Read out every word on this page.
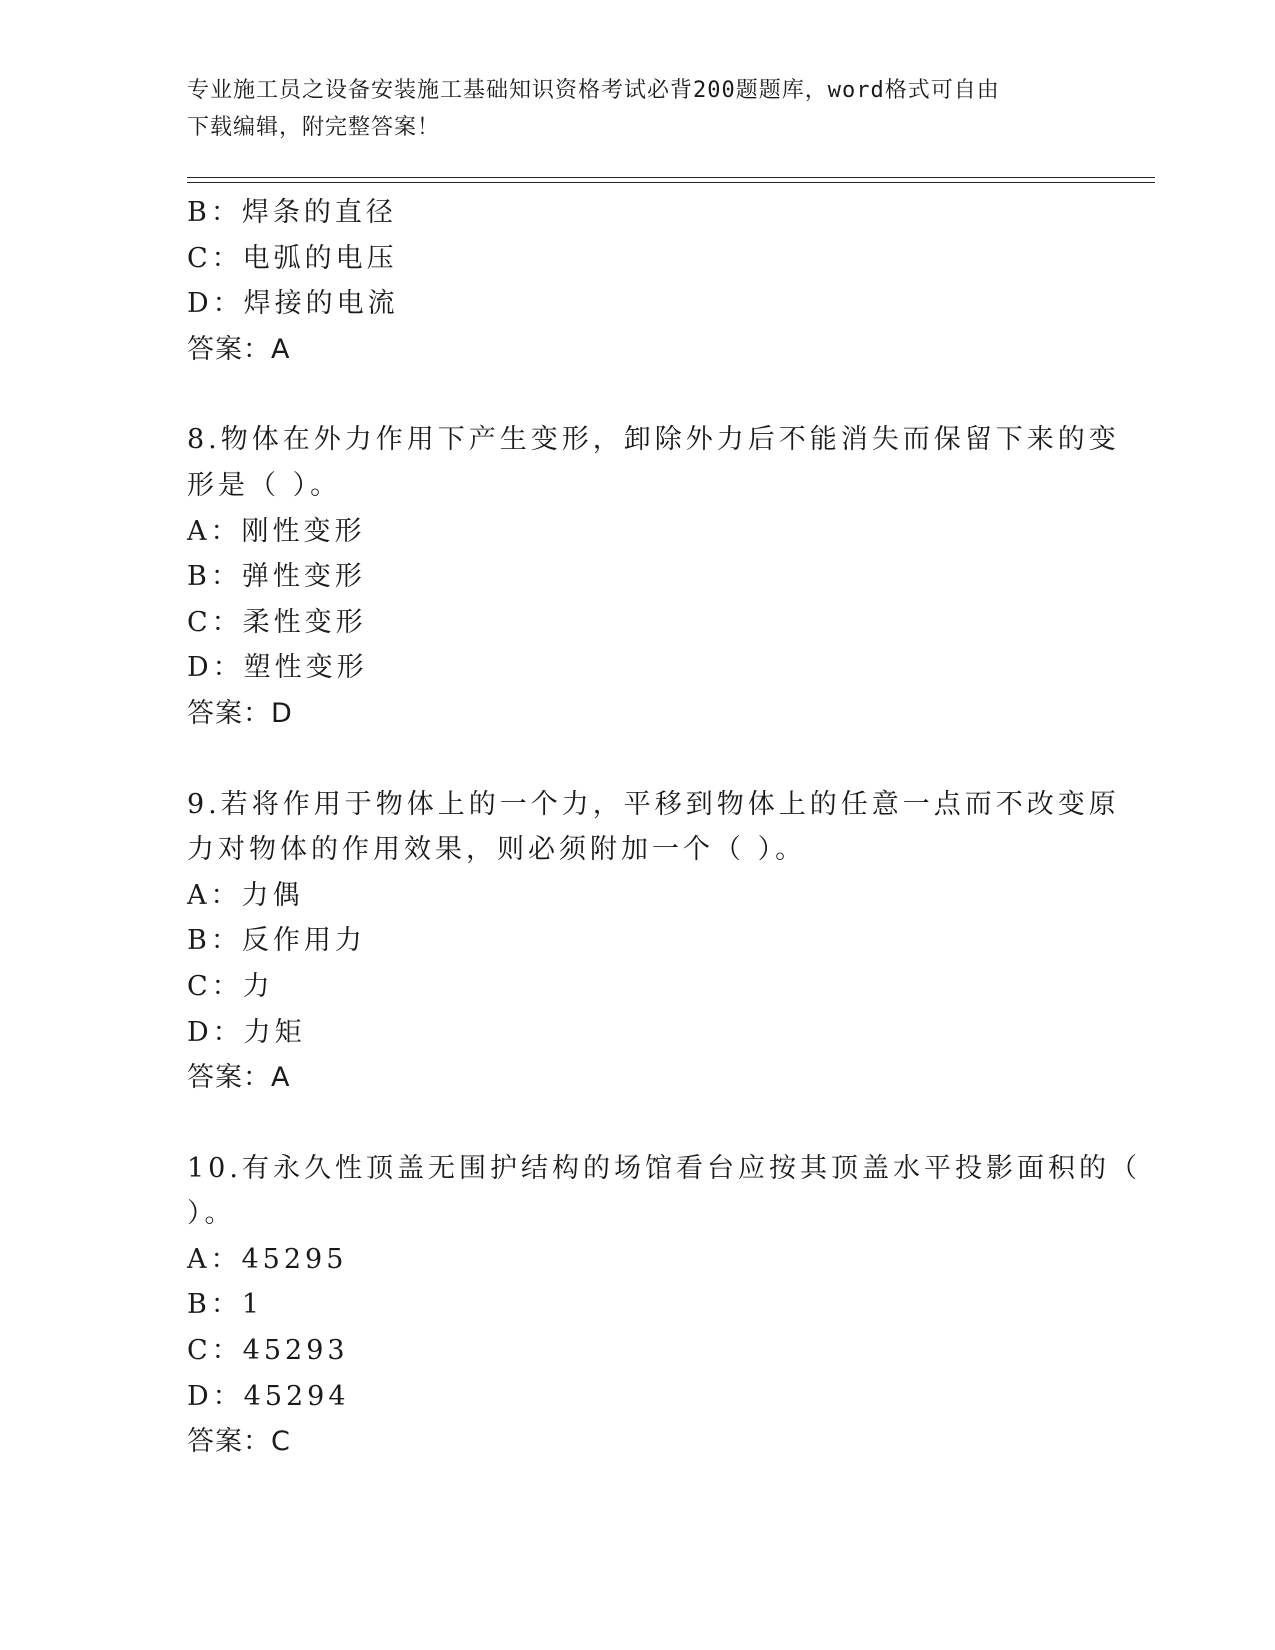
专业施工员之设备安装施工基础知识资格考试必背200题题库，word格式可自由
下载编辑，附完整答案！
B：焊条的直径
C：电弧的电压
D：焊接的电流
答案：A
8.物体在外力作用下产生变形，卸除外力后不能消失而保留下来的变
形是（ ）。
A：刚性变形
B：弹性变形
C：柔性变形
D：塑性变形
答案：D
9.若将作用于物体上的一个力，平移到物体上的任意一点而不改变原
力对物体的作用效果，则必须附加一个（ ）。
A：力偶
B：反作用力
C：力
D：力矩
答案：A
10.有永久性顶盖无围护结构的场馆看台应按其顶盖水平投影面积的（
）。
A：45295
B：1
C：45293
D：45294
答案：C
